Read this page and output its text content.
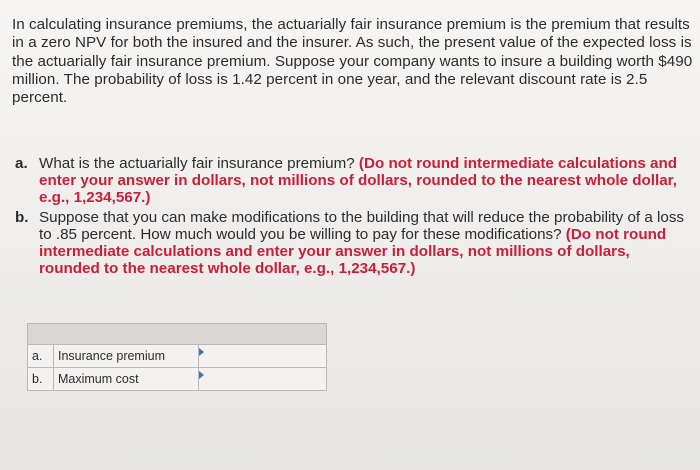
In calculating insurance premiums, the actuarially fair insurance premium is the premium that results in a zero NPV for both the insured and the insurer. As such, the present value of the expected loss is the actuarially fair insurance premium. Suppose your company wants to insure a building worth $490 million. The probability of loss is 1.42 percent in one year, and the relevant discount rate is 2.5 percent.

a. What is the actuarially fair insurance premium? (Do not round intermediate calculations and enter your answer in dollars, not millions of dollars, rounded to the nearest whole dollar, e.g., 1,234,567.)
b. Suppose that you can make modifications to the building that will reduce the probability of a loss to .85 percent. How much would you be willing to pay for these modifications? (Do not round intermediate calculations and enter your answer in dollars, not millions of dollars, rounded to the nearest whole dollar, e.g., 1,234,567.)

a.	Insurance premium	

b.	Maximum cost	
